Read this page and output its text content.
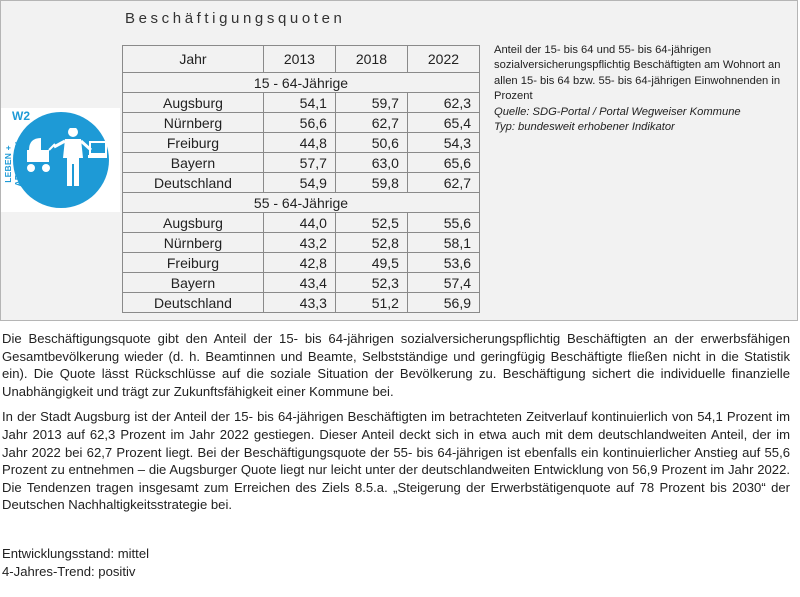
Beschäftigungsquoten
W2
LEBEN + ARBEITEN
Jahr	2013	2018	2022
15 - 64-Jährige			
Augsburg	54,1	59,7	62,3
Nürnberg	56,6	62,7	65,4
Freiburg	44,8	50,6	54,3
Bayern	57,7	63,0	65,6
Deutschland	54,9	59,8	62,7
55 - 64-Jährige			
Augsburg	44,0	52,5	55,6
Nürnberg	43,2	52,8	58,1
Freiburg	42,8	49,5	53,6
Bayern	43,4	52,3	57,4
Deutschland	43,3	51,2	56,9
Anteil der 15- bis 64 und 55- bis 64-jährigen sozialversicherungspflichtig Beschäftigten am Wohnort an allen 15- bis 64 bzw. 55- bis 64-jährigen Einwohnenden in Prozent
Quelle: SDG-Portal / Portal Wegweiser Kommune
Typ: bundesweit erhobener Indikator

Die Beschäftigungsquote gibt den Anteil der 15- bis 64-jährigen sozialversicherungspflichtig Beschäftigten an der erwerbsfähigen Gesamtbevölkerung wieder (d. h. Beamtinnen und Beamte, Selbstständige und geringfügig Beschäftigte fließen nicht in die Statistik ein). Die Quote lässt Rückschlüsse auf die soziale Situation der Bevölkerung zu. Beschäftigung sichert die individuelle finanzielle Unabhängigkeit und trägt zur Zukunftsfähigkeit einer Kommune bei.

In der Stadt Augsburg ist der Anteil der 15- bis 64-jährigen Beschäftigten im betrachteten Zeitverlauf kontinuierlich von 54,1 Prozent im Jahr 2013 auf 62,3 Prozent im Jahr 2022 gestiegen. Dieser Anteil deckt sich in etwa auch mit dem deutschlandweiten Anteil, der im Jahr 2022 bei 62,7 Prozent liegt. Bei der Beschäftigungsquote der 55- bis 64-jährigen ist ebenfalls ein kontinuierlicher Anstieg auf 55,6 Prozent zu entnehmen – die Augsburger Quote liegt nur leicht unter der deutschlandweiten Entwicklung von 56,9 Prozent im Jahr 2022. Die Tendenzen tragen insgesamt zum Erreichen des Ziels 8.5.a. „Steigerung der Erwerbstätigenquote auf 78 Prozent bis 2030“ der Deutschen Nachhaltigkeitsstrategie bei.

Entwicklungsstand: mittel
4-Jahres-Trend: positiv
